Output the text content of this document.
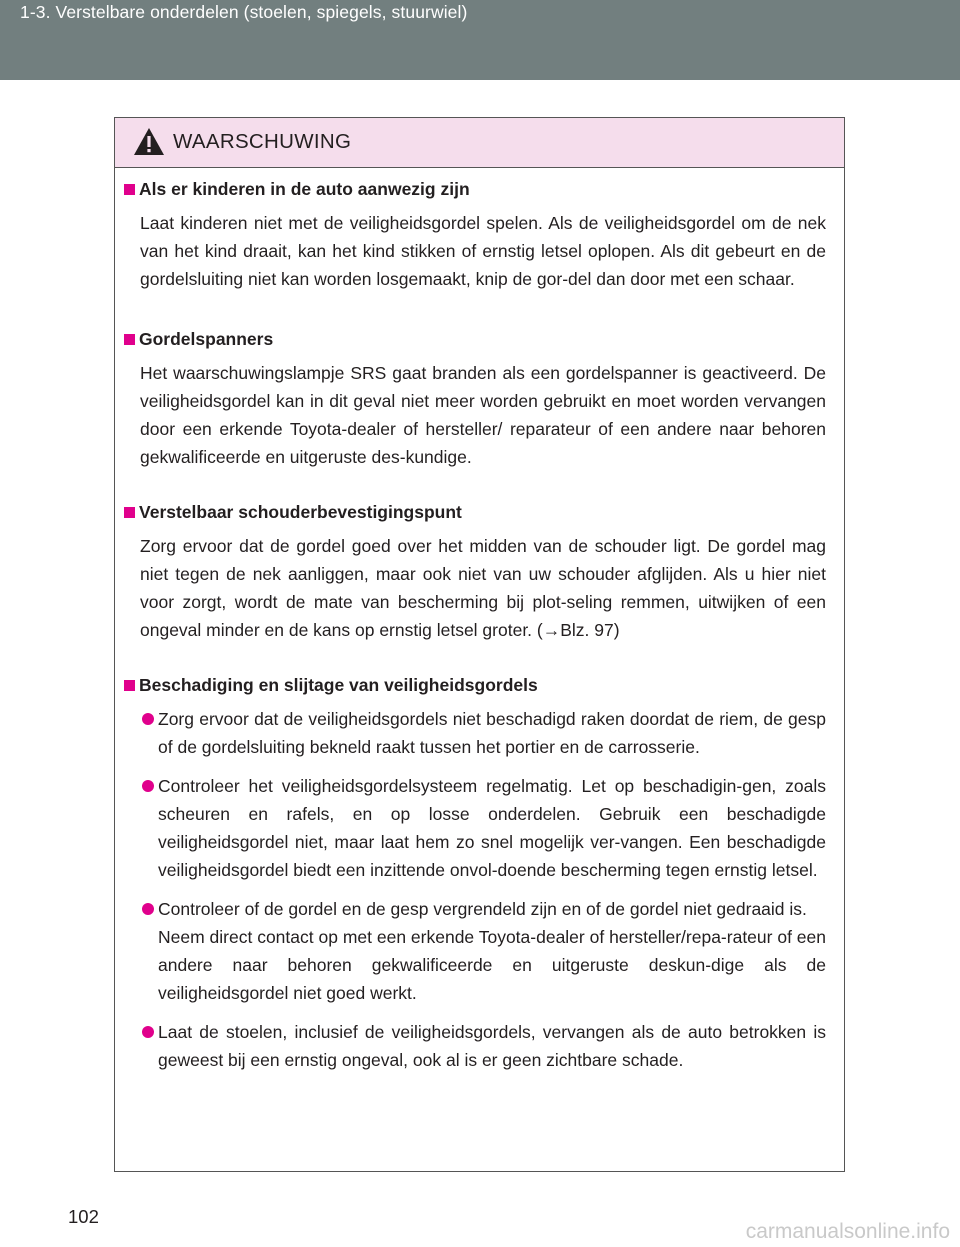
1-3. Verstelbare onderdelen (stoelen, spiegels, stuurwiel)
WAARSCHUWING
Als er kinderen in de auto aanwezig zijn

Laat kinderen niet met de veiligheidsgordel spelen. Als de veiligheidsgordel om de nek van het kind draait, kan het kind stikken of ernstig letsel oplopen. Als dit gebeurt en de gordelsluiting niet kan worden losgemaakt, knip de gor-del dan door met een schaar.

Gordelspanners

Het waarschuwingslampje SRS gaat branden als een gordelspanner is geactiveerd. De veiligheidsgordel kan in dit geval niet meer worden gebruikt en moet worden vervangen door een erkende Toyota-dealer of hersteller/ reparateur of een andere naar behoren gekwalificeerde en uitgeruste des-kundige.

Verstelbaar schouderbevestigingspunt

Zorg ervoor dat de gordel goed over het midden van de schouder ligt. De gordel mag niet tegen de nek aanliggen, maar ook niet van uw schouder afglijden. Als u hier niet voor zorgt, wordt de mate van bescherming bij plot-seling remmen, uitwijken of een ongeval minder en de kans op ernstig letsel groter. (→Blz. 97)

Beschadiging en slijtage van veiligheidsgordels

Zorg ervoor dat de veiligheidsgordels niet beschadigd raken doordat de riem, de gesp of de gordelsluiting bekneld raakt tussen het portier en de carrosserie.

Controleer het veiligheidsgordelsysteem regelmatig. Let op beschadigin-gen, zoals scheuren en rafels, en op losse onderdelen. Gebruik een beschadigde veiligheidsgordel niet, maar laat hem zo snel mogelijk ver-vangen. Een beschadigde veiligheidsgordel biedt een inzittende onvol-doende bescherming tegen ernstig letsel.

Controleer of de gordel en de gesp vergrendeld zijn en of de gordel niet gedraaid is.

Neem direct contact op met een erkende Toyota-dealer of hersteller/repa-rateur of een andere naar behoren gekwalificeerde en uitgeruste deskun-dige als de veiligheidsgordel niet goed werkt.

Laat de stoelen, inclusief de veiligheidsgordels, vervangen als de auto betrokken is geweest bij een ernstig ongeval, ook al is er geen zichtbare schade.

102
carmanualsonline.info
